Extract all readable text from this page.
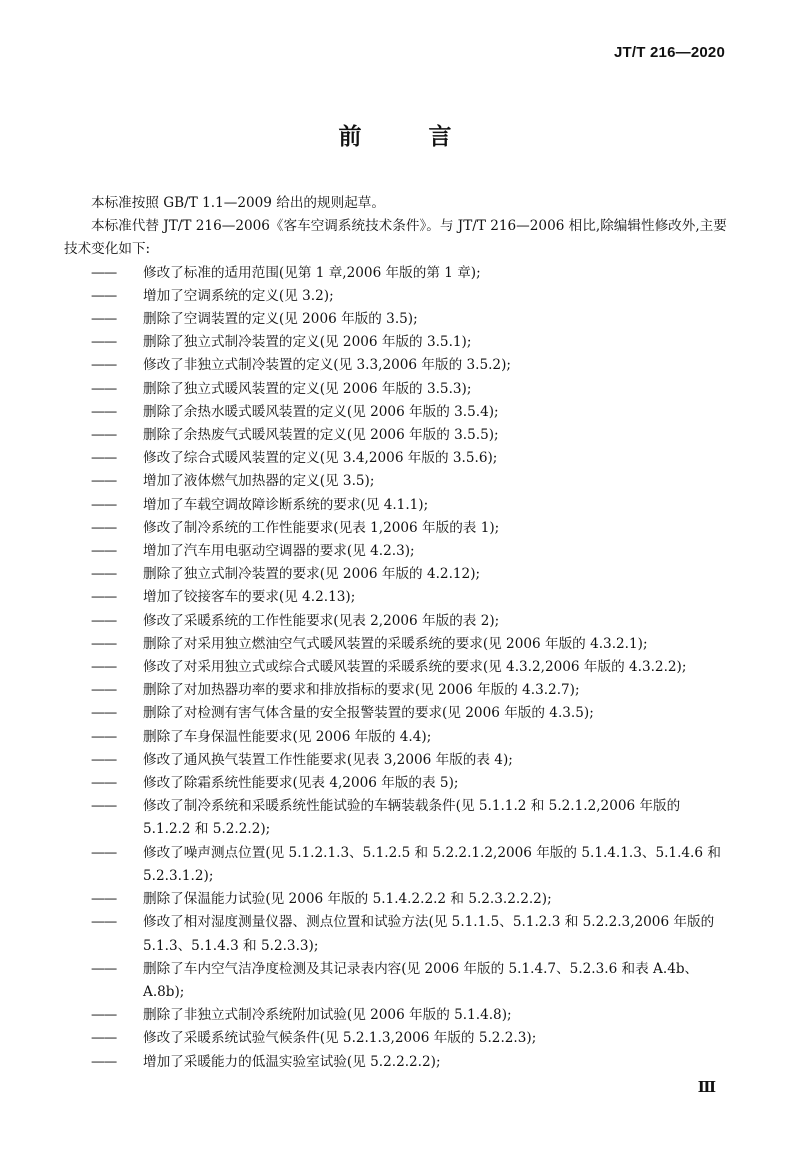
JT/T 216—2020
前　言

本标准按照 GB/T 1.1—2009 给出的规则起草。

本标准代替 JT/T 216—2006《客车空调系统技术条件》。与 JT/T 216—2006 相比,除编辑性修改外,主要技术变化如下:

—— 修改了标准的适用范围(见第 1 章,2006 年版的第 1 章);

—— 增加了空调系统的定义(见 3.2);

—— 删除了空调装置的定义(见 2006 年版的 3.5);

—— 删除了独立式制冷装置的定义(见 2006 年版的 3.5.1);

—— 修改了非独立式制冷装置的定义(见 3.3,2006 年版的 3.5.2);

—— 删除了独立式暖风装置的定义(见 2006 年版的 3.5.3);

—— 删除了余热水暖式暖风装置的定义(见 2006 年版的 3.5.4);

—— 删除了余热废气式暖风装置的定义(见 2006 年版的 3.5.5);

—— 修改了综合式暖风装置的定义(见 3.4,2006 年版的 3.5.6);

—— 增加了液体燃气加热器的定义(见 3.5);

—— 增加了车载空调故障诊断系统的要求(见 4.1.1);

—— 修改了制冷系统的工作性能要求(见表 1,2006 年版的表 1);

—— 增加了汽车用电驱动空调器的要求(见 4.2.3);

—— 删除了独立式制冷装置的要求(见 2006 年版的 4.2.12);

—— 增加了铰接客车的要求(见 4.2.13);

—— 修改了采暖系统的工作性能要求(见表 2,2006 年版的表 2);

—— 删除了对采用独立燃油空气式暖风装置的采暖系统的要求(见 2006 年版的 4.3.2.1);

—— 修改了对采用独立式或综合式暖风装置的采暖系统的要求(见 4.3.2,2006 年版的 4.3.2.2);

—— 删除了对加热器功率的要求和排放指标的要求(见 2006 年版的 4.3.2.7);

—— 删除了对检测有害气体含量的安全报警装置的要求(见 2006 年版的 4.3.5);

—— 删除了车身保温性能要求(见 2006 年版的 4.4);

—— 修改了通风换气装置工作性能要求(见表 3,2006 年版的表 4);

—— 修改了除霜系统性能要求(见表 4,2006 年版的表 5);

—— 修改了制冷系统和采暖系统性能试验的车辆装载条件(见 5.1.1.2 和 5.2.1.2,2006 年版的 5.1.2.2 和 5.2.2.2);

—— 修改了噪声测点位置(见 5.1.2.1.3、5.1.2.5 和 5.2.2.1.2,2006 年版的 5.1.4.1.3、5.1.4.6 和 5.2.3.1.2);

—— 删除了保温能力试验(见 2006 年版的 5.1.4.2.2.2 和 5.2.3.2.2.2);

—— 修改了相对湿度测量仪器、测点位置和试验方法(见 5.1.1.5、5.1.2.3 和 5.2.2.3,2006 年版的 5.1.3、5.1.4.3 和 5.2.3.3);

—— 删除了车内空气洁净度检测及其记录表内容(见 2006 年版的 5.1.4.7、5.2.3.6 和表 A.4b、A.8b);

—— 删除了非独立式制冷系统附加试验(见 2006 年版的 5.1.4.8);

—— 修改了采暖系统试验气候条件(见 5.2.1.3,2006 年版的 5.2.2.3);

—— 增加了采暖能力的低温实验室试验(见 5.2.2.2.2);

Ⅲ
